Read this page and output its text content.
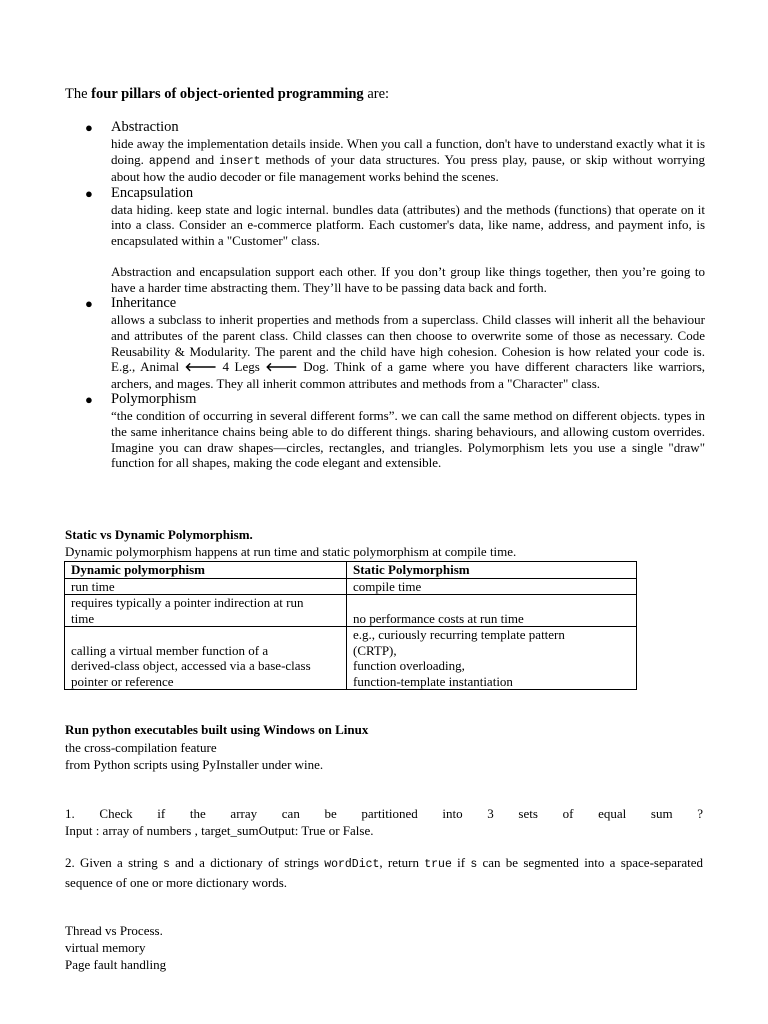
The four pillars of object-oriented programming are:
● Abstraction
hide away the implementation details inside. When you call a function, don't have to understand exactly what it is doing. append and insert methods of your data structures. You press play, pause, or skip without worrying about how the audio decoder or file management works behind the scenes.
● Encapsulation

data hiding. keep state and logic internal. bundles data (attributes) and the methods (functions) that operate on it into a class. Consider an e-commerce platform. Each customer's data, like name, address, and payment info, is encapsulated within a "Customer" class.

Abstraction and encapsulation support each other. If you don’t group like things together, then you’re going to have a harder time abstracting them. They’ll have to be passing data back and forth.

● Inheritance
allows a subclass to inherit properties and methods from a superclass. Child classes will inherit all the behaviour and attributes of the parent class. Child classes can then choose to overwrite some of those as necessary. Code Reusability & Modularity. The parent and the child have high cohesion. Cohesion is how related your code is. E.g., Animal 🡐 4 Legs 🡐 Dog. Think of a game where you have different characters like warriors, archers, and mages. They all inherit common attributes and methods from a "Character" class.
● Polymorphism
“the condition of occurring in several different forms”. we can call the same method on different objects. types in the same inheritance chains being able to do different things. sharing behaviours, and allowing custom overrides. Imagine you can draw shapes—circles, rectangles, and triangles. Polymorphism lets you use a single "draw" function for all shapes, making the code elegant and extensible.
Static vs Dynamic Polymorphism.
Dynamic polymorphism happens at run time and static polymorphism at compile time.
Dynamic polymorphism	Static Polymorphism
run time	compile time
requires typically a pointer indirection at run
time	no performance costs at run time
calling a virtual member function of a
derived-class object, accessed via a base-class
pointer or reference	e.g., curiously recurring template pattern
(CRTP),
function overloading,
function-template instantiation
Run python executables built using Windows on Linux
the cross-compilation feature
from Python scripts using PyInstaller under wine.
1. Check if the array can be partitioned into 3 sets of equal sum ?
Input : array of numbers , target_sumOutput: True or False.
2. Given a string s and a dictionary of strings wordDict, return true if s can be segmented into a space-separated sequence of one or more dictionary words.
Thread vs Process.
virtual memory
Page fault handling
